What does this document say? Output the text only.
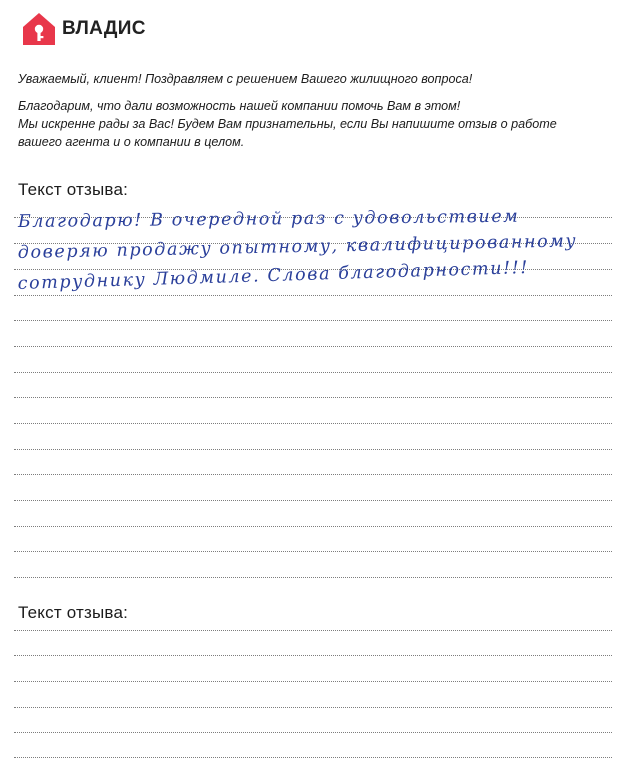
ВЛАДИС

Уважаемый, клиент! Поздравляем с решением Вашего жилищного вопроса!

Благодарим, что дали возможность нашей компании помочь Вам в этом!

Мы искренне рады за Вас! Будем Вам признательны, если Вы напишите отзыв о работе

вашего агента и о компании в целом.

Текст отзыва:
Текст отзыва:
Благодарю! В очередной раз с удовольствием
доверяю продажу опытному, квалифицированному
сотруднику Людмиле. Слова благодарности!!!
